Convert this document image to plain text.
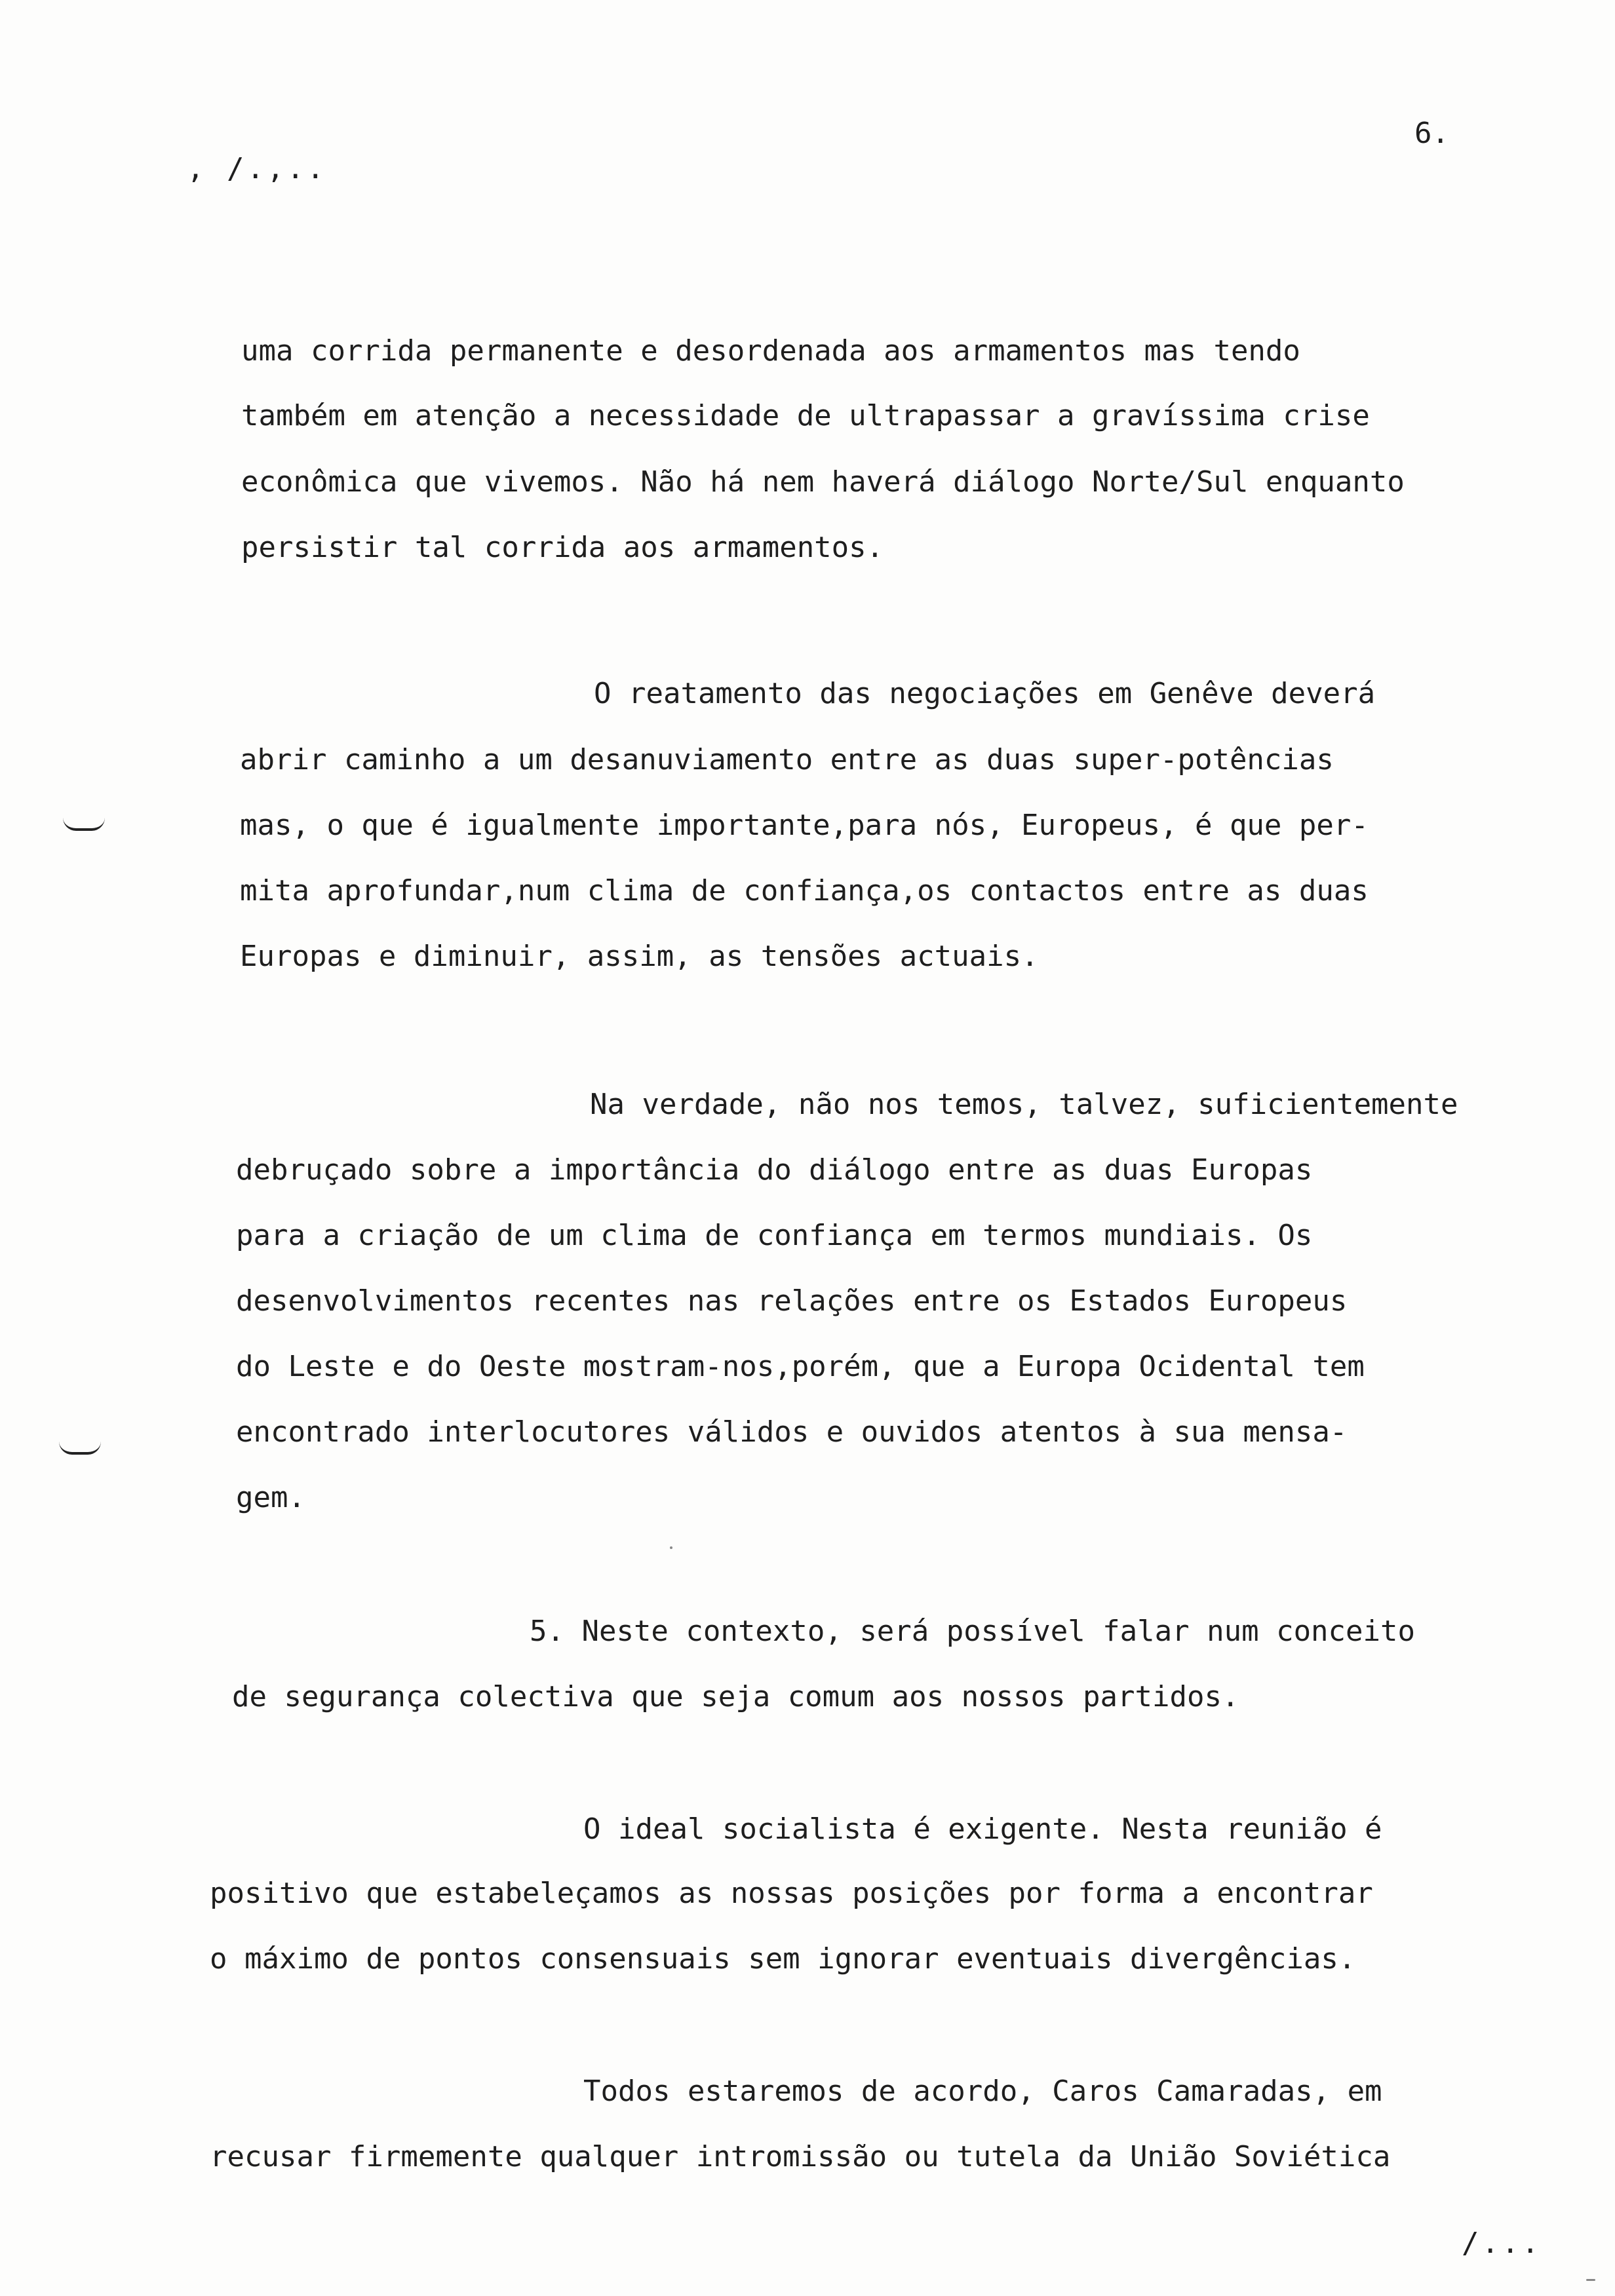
6.
, /.,..
uma corrida permanente e desordenada aos armamentos mas tendo
também em atenção a necessidade de ultrapassar a gravíssima crise
econômica que vivemos. Não há nem haverá diálogo Norte/Sul enquanto
persistir tal corrida aos armamentos.
O reatamento das negociações em Genêve deverá
abrir caminho a um desanuviamento entre as duas super-potências
mas, o que é igualmente importante,para nós, Europeus, é que per-
mita aprofundar,num clima de confiança,os contactos entre as duas
Europas e diminuir, assim, as tensões actuais.
Na verdade, não nos temos, talvez, suficientemente
debruçado sobre a importância do diálogo entre as duas Europas
para a criação de um clima de confiança em termos mundiais. Os
desenvolvimentos recentes nas relações entre os Estados Europeus
do Leste e do Oeste mostram-nos,porém, que a Europa Ocidental tem
encontrado interlocutores válidos e ouvidos atentos à sua mensa-
gem.
5. Neste contexto, será possível falar num conceito
de segurança colectiva que seja comum aos nossos partidos.
O ideal socialista é exigente. Nesta reunião é
positivo que estabeleçamos as nossas posições por forma a encontrar
o máximo de pontos consensuais sem ignorar eventuais divergências.
Todos estaremos de acordo, Caros Camaradas, em
recusar firmemente qualquer intromissão ou tutela da União Soviética
/...
